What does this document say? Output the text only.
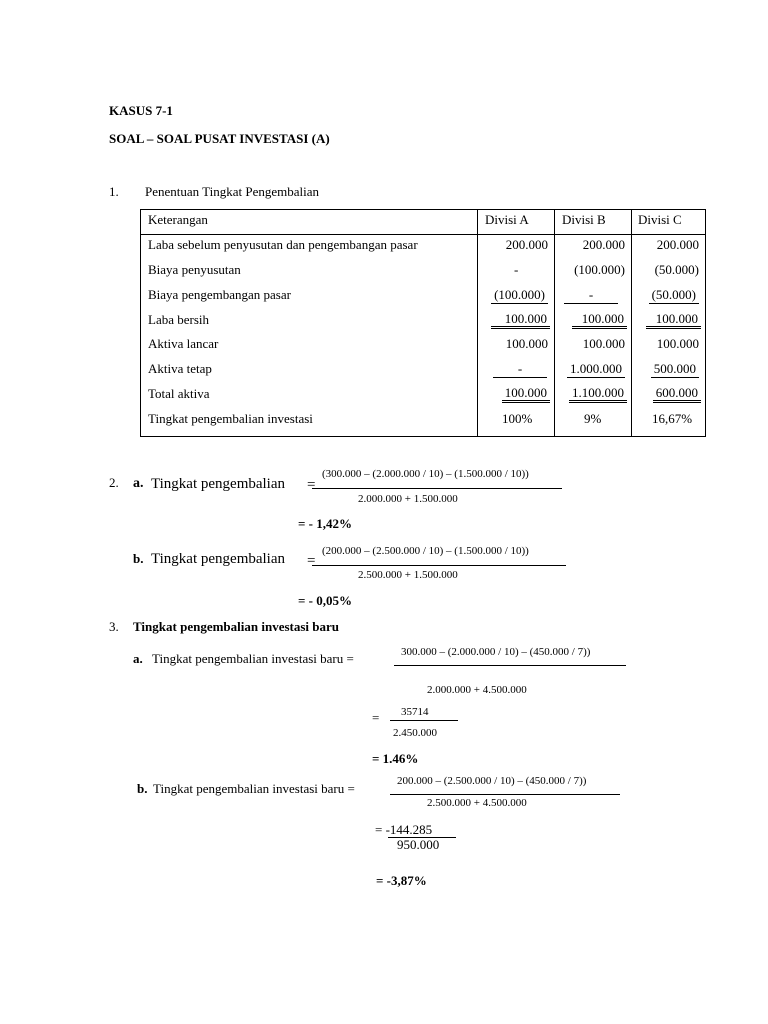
KASUS 7-1
SOAL – SOAL PUSAT INVESTASI (A)
1. Penentuan Tingkat Pengembalian
Keterangan	Divisi A	Divisi B Divisi C
Laba sebelum penyusutan dan pengembangan pasar	200.000	200.000 200.000
Biaya penyusutan	-	(100.000) (50.000)
Biaya pengembangan pasar	(100.000)	-	(50.000)
Laba bersih	100.000	100.000	100.000
Aktiva lancar	100.000	100.000 100.000
Aktiva tetap	-	1.000.000 500.000
Total aktiva	100.000 1.100.000 600.000
Tingkat pengembalian investasi	100%	9%	16,67%
2. a. Tingkat pengembalian =
(300.000 – (2.000.000 / 10) – (1.500.000 / 10))
2.000.000 + 1.500.000
= - 1,42%
b. Tingkat pengembalian =
(200.000 – (2.500.000 / 10) – (1.500.000 / 10))
2.500.000 + 1.500.000
= - 0,05%
3. Tingkat pengembalian investasi baru
a. Tingkat pengembalian investasi baru =	300.000 – (2.000.000 / 10) – (450.000 / 7))
2.000.000 + 4.500.000
= 35714
2.450.000
= 1.46%
b. Tingkat pengembalian investasi baru =	200.000 – (2.500.000 / 10) – (450.000 / 7))
2.500.000 + 4.500.000
= -144.285
950.000
= -3,87%
